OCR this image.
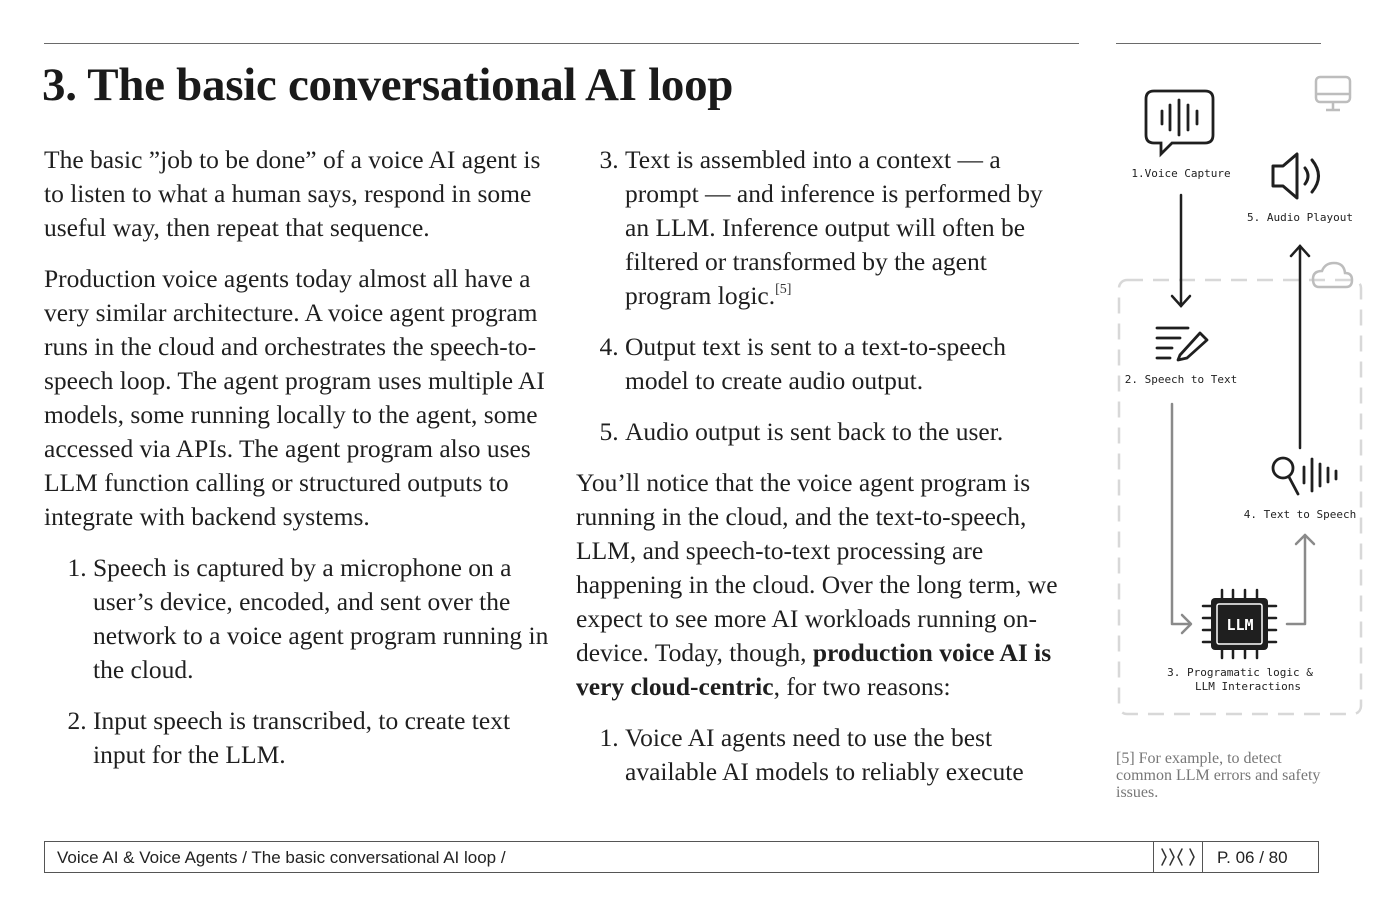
3. The basic conversational AI loop

The basic ”job to be done” of a voice AI agent is to listen to what a human says, respond in some useful way, then repeat that sequence.

Production voice agents today almost all have a very similar architecture. A voice agent program runs in the cloud and orchestrates the speech-to-speech loop. The agent program uses multiple AI models, some running locally to the agent, some accessed via APIs. The agent program also uses LLM function calling or structured outputs to integrate with backend systems.

1. Speech is captured by a microphone on a user’s device, encoded, and sent over the network to a voice agent program running in the cloud.
2. Input speech is transcribed, to create text input for the LLM.
3. Text is assembled into a context — a prompt — and inference is performed by an LLM. Inference output will often be filtered or transformed by the agent program logic.[5]
4. Output text is sent to a text-to-speech model to create audio output.
5. Audio output is sent back to the user.

You’ll notice that the voice agent program is running in the cloud, and the text-to-speech, LLM, and speech-to-text processing are happening in the cloud. Over the long term, we expect to see more AI workloads running on-device. Today, though, production voice AI is very cloud-centric, for two reasons:

1. Voice AI agents need to use the best available AI models to reliably execute
1.Voice Capture
5. Audio Playout
2. Speech to Text
LLM
3. Programatic logic &
LLM Interactions
4. Text to Speech
[5] For example, to detect common LLM errors and safety issues.
Voice AI & Voice Agents / The basic conversational AI loop /	P. 06 / 80
